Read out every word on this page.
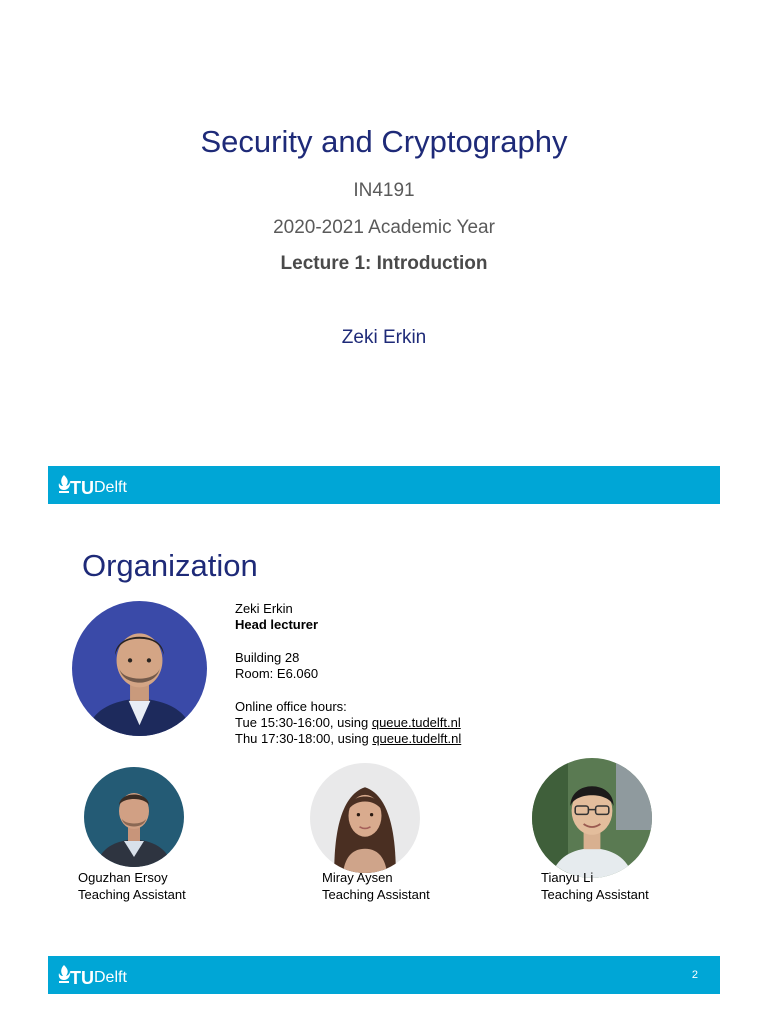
Security and Cryptography
IN4191
2020-2021 Academic Year
Lecture 1: Introduction
Zeki Erkin
TU Delft
Organization
Zeki Erkin
Head lecturer
Building 28
Room: E6.060
Online office hours:
Tue 15:30-16:00, using queue.tudelft.nl
Thu 17:30-18:00, using queue.tudelft.nl
Oguzhan Ersoy
Teaching Assistant
Miray Aysen
Teaching Assistant
Tianyu Li
Teaching Assistant
TU Delft	2
